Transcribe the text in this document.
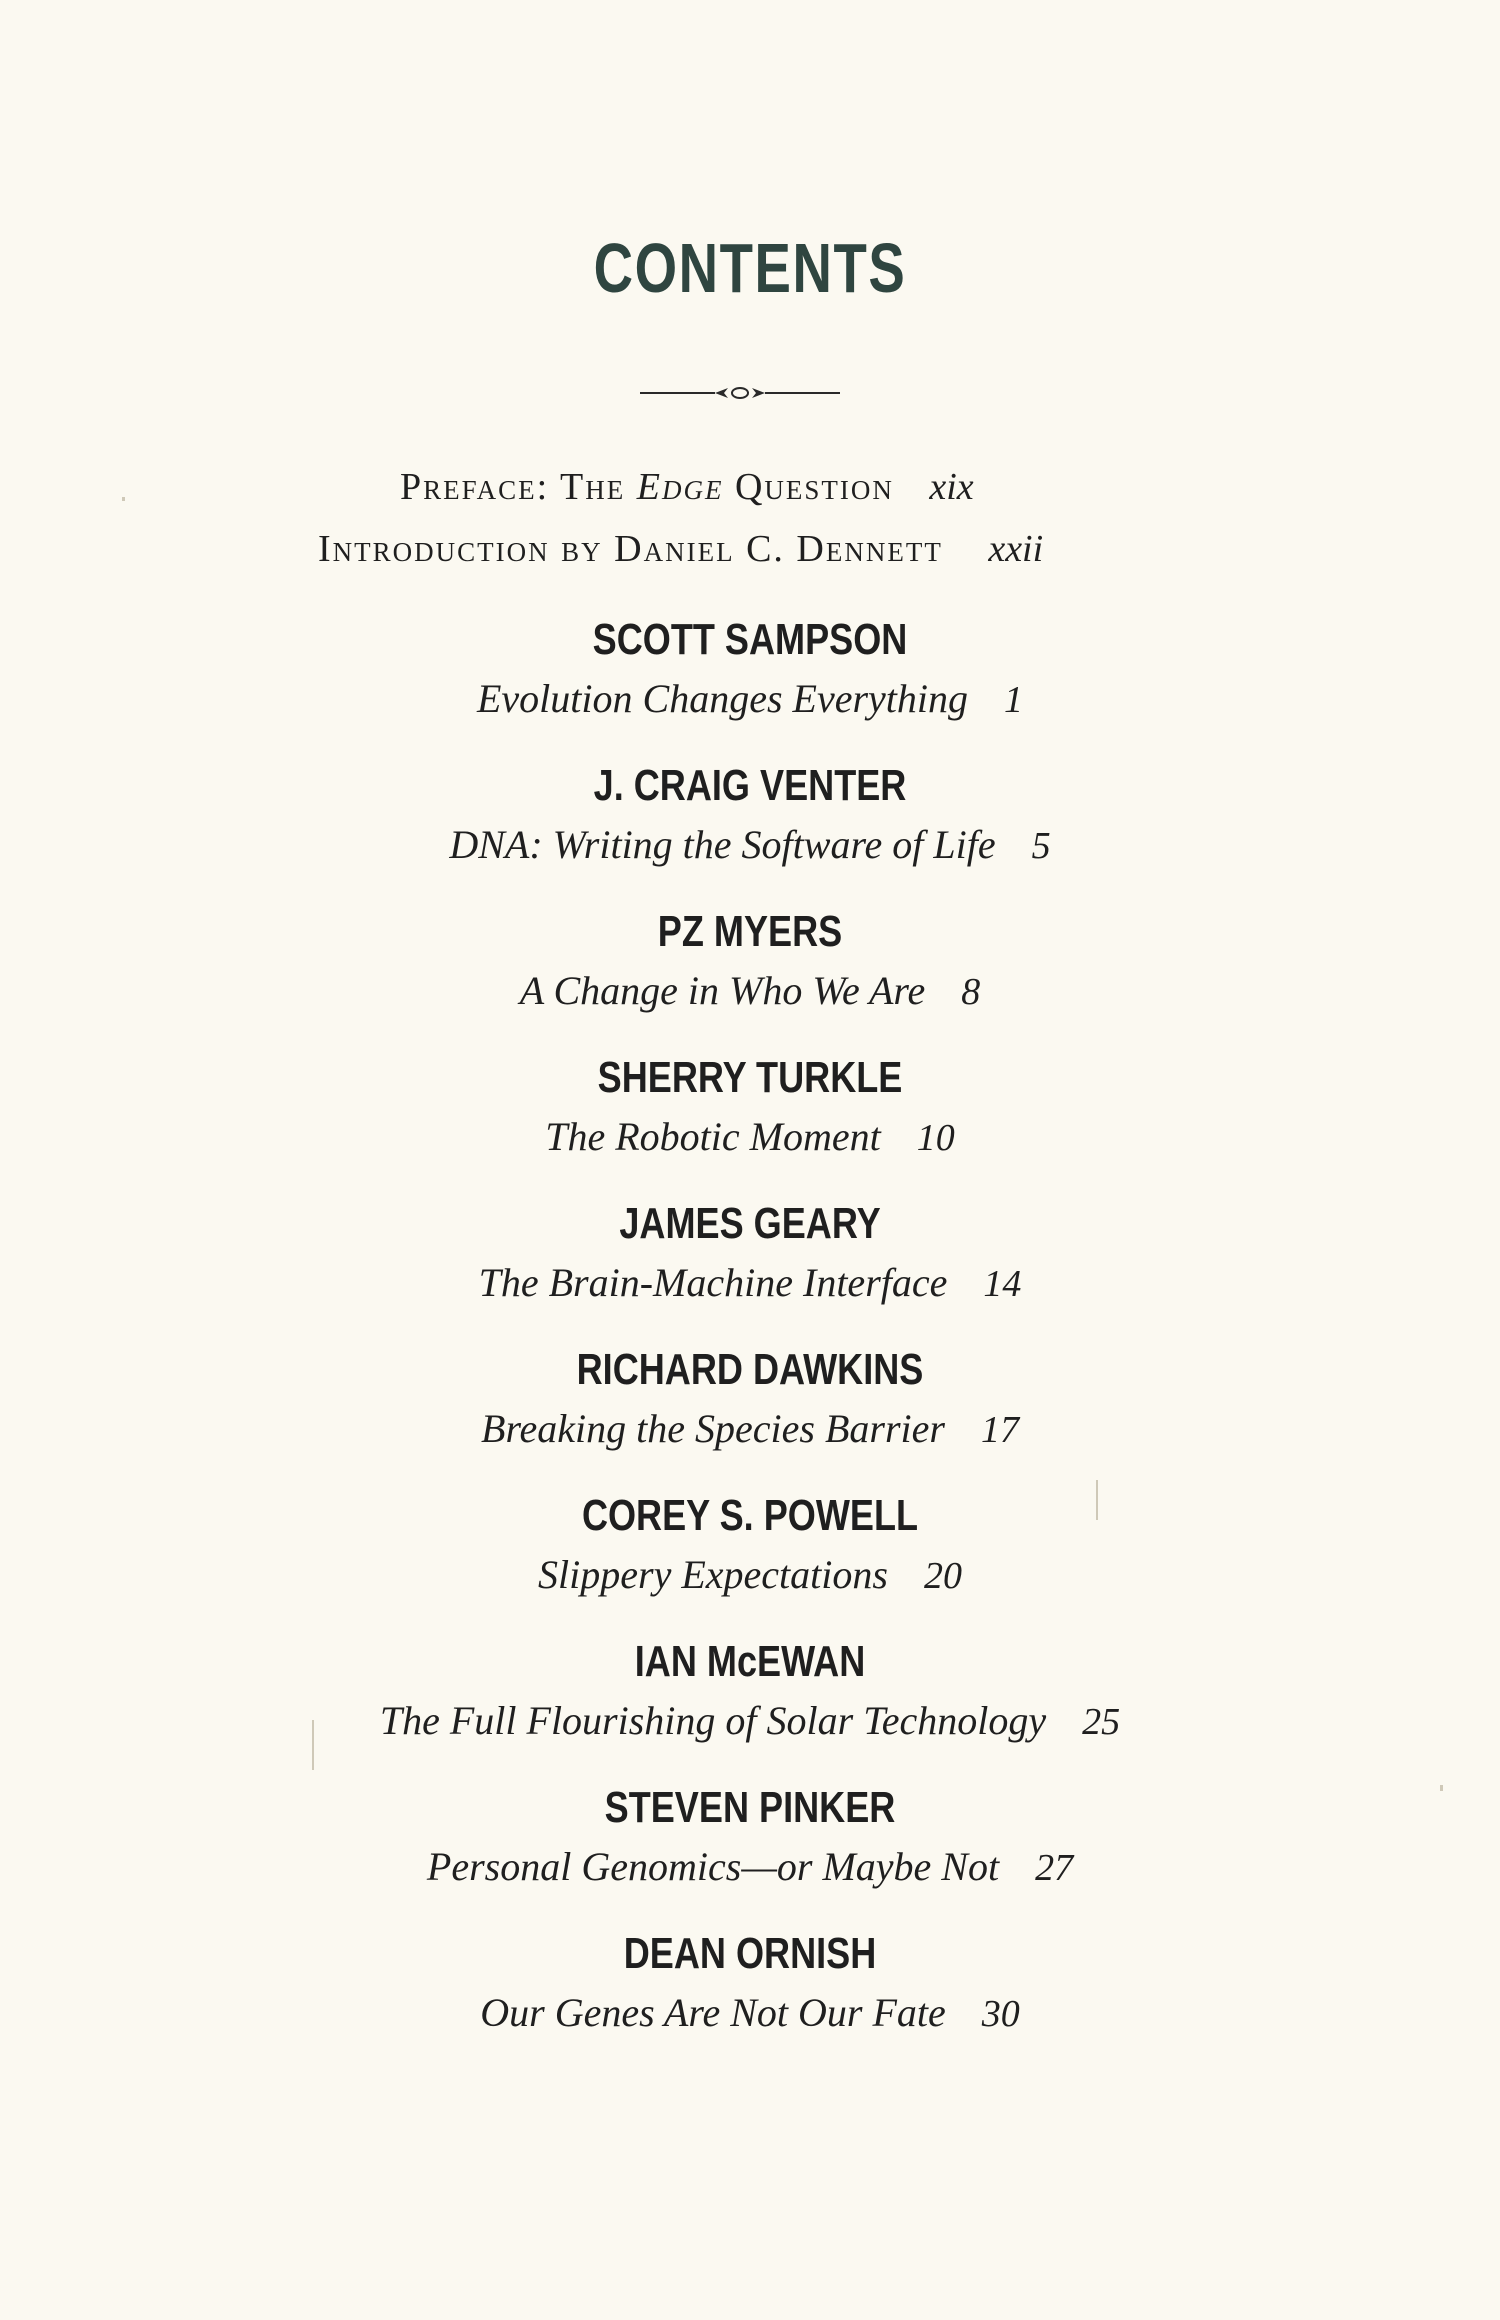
CONTENTS
Preface: The Edge Question xix
Introduction by Daniel C. Dennett xxii
SCOTT SAMPSON
Evolution Changes Everything 1
J. CRAIG VENTER
DNA: Writing the Software of Life 5
PZ MYERS
A Change in Who We Are 8
SHERRY TURKLE
The Robotic Moment 10
JAMES GEARY
The Brain-Machine Interface 14
RICHARD DAWKINS
Breaking the Species Barrier 17
COREY S. POWELL
Slippery Expectations 20
IAN McEWAN
The Full Flourishing of Solar Technology 25
STEVEN PINKER
Personal Genomics—or Maybe Not 27
DEAN ORNISH
Our Genes Are Not Our Fate 30
